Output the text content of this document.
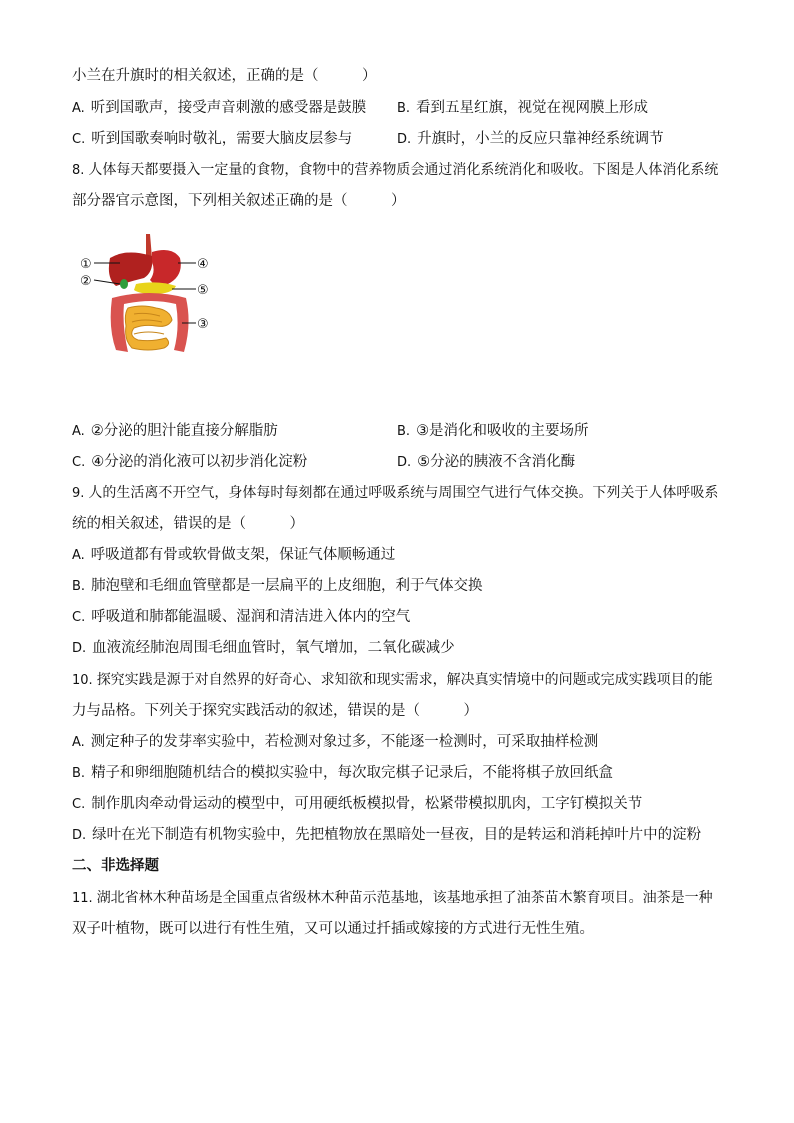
小兰在升旗时的相关叙述，正确的是（　　　）
A. 听到国歌声，接受声音刺激的感受器是鼓膜 B. 看到五星红旗，视觉在视网膜上形成
C. 听到国歌奏响时敬礼，需要大脑皮层参与	D. 升旗时，小兰的反应只靠神经系统调节
8. 人体每天都要摄入一定量的食物，食物中的营养物质会通过消化系统消化和吸收。下图是人体消化系统
部分器官示意图，下列相关叙述正确的是（　　　）
①
②
④
⑤
③
A. ②分泌的胆汁能直接分解脂肪	B. ③是消化和吸收的主要场所
C. ④分泌的消化液可以初步消化淀粉	D. ⑤分泌的胰液不含消化酶
9. 人的生活离不开空气，身体每时每刻都在通过呼吸系统与周围空气进行气体交换。下列关于人体呼吸系
统的相关叙述，错误的是（　　　）
A. 呼吸道都有骨或软骨做支架，保证气体顺畅通过
B. 肺泡壁和毛细血管壁都是一层扁平的上皮细胞，利于气体交换
C. 呼吸道和肺都能温暖、湿润和清洁进入体内的空气
D. 血液流经肺泡周围毛细血管时，氧气增加，二氧化碳减少
10. 探究实践是源于对自然界的好奇心、求知欲和现实需求，解决真实情境中的问题或完成实践项目的能
力与品格。下列关于探究实践活动的叙述，错误的是（　　　）
A. 测定种子的发芽率实验中，若检测对象过多，不能逐一检测时，可采取抽样检测
B. 精子和卵细胞随机结合的模拟实验中，每次取完棋子记录后，不能将棋子放回纸盒
C. 制作肌肉牵动骨运动的模型中，可用硬纸板模拟骨，松紧带模拟肌肉，工字钉模拟关节
D. 绿叶在光下制造有机物实验中，先把植物放在黑暗处一昼夜，目的是转运和消耗掉叶片中的淀粉
二、非选择题
11. 湖北省林木种苗场是全国重点省级林木种苗示范基地，该基地承担了油茶苗木繁育项目。油茶是一种
双子叶植物，既可以进行有性生殖，又可以通过扦插或嫁接的方式进行无性生殖。
